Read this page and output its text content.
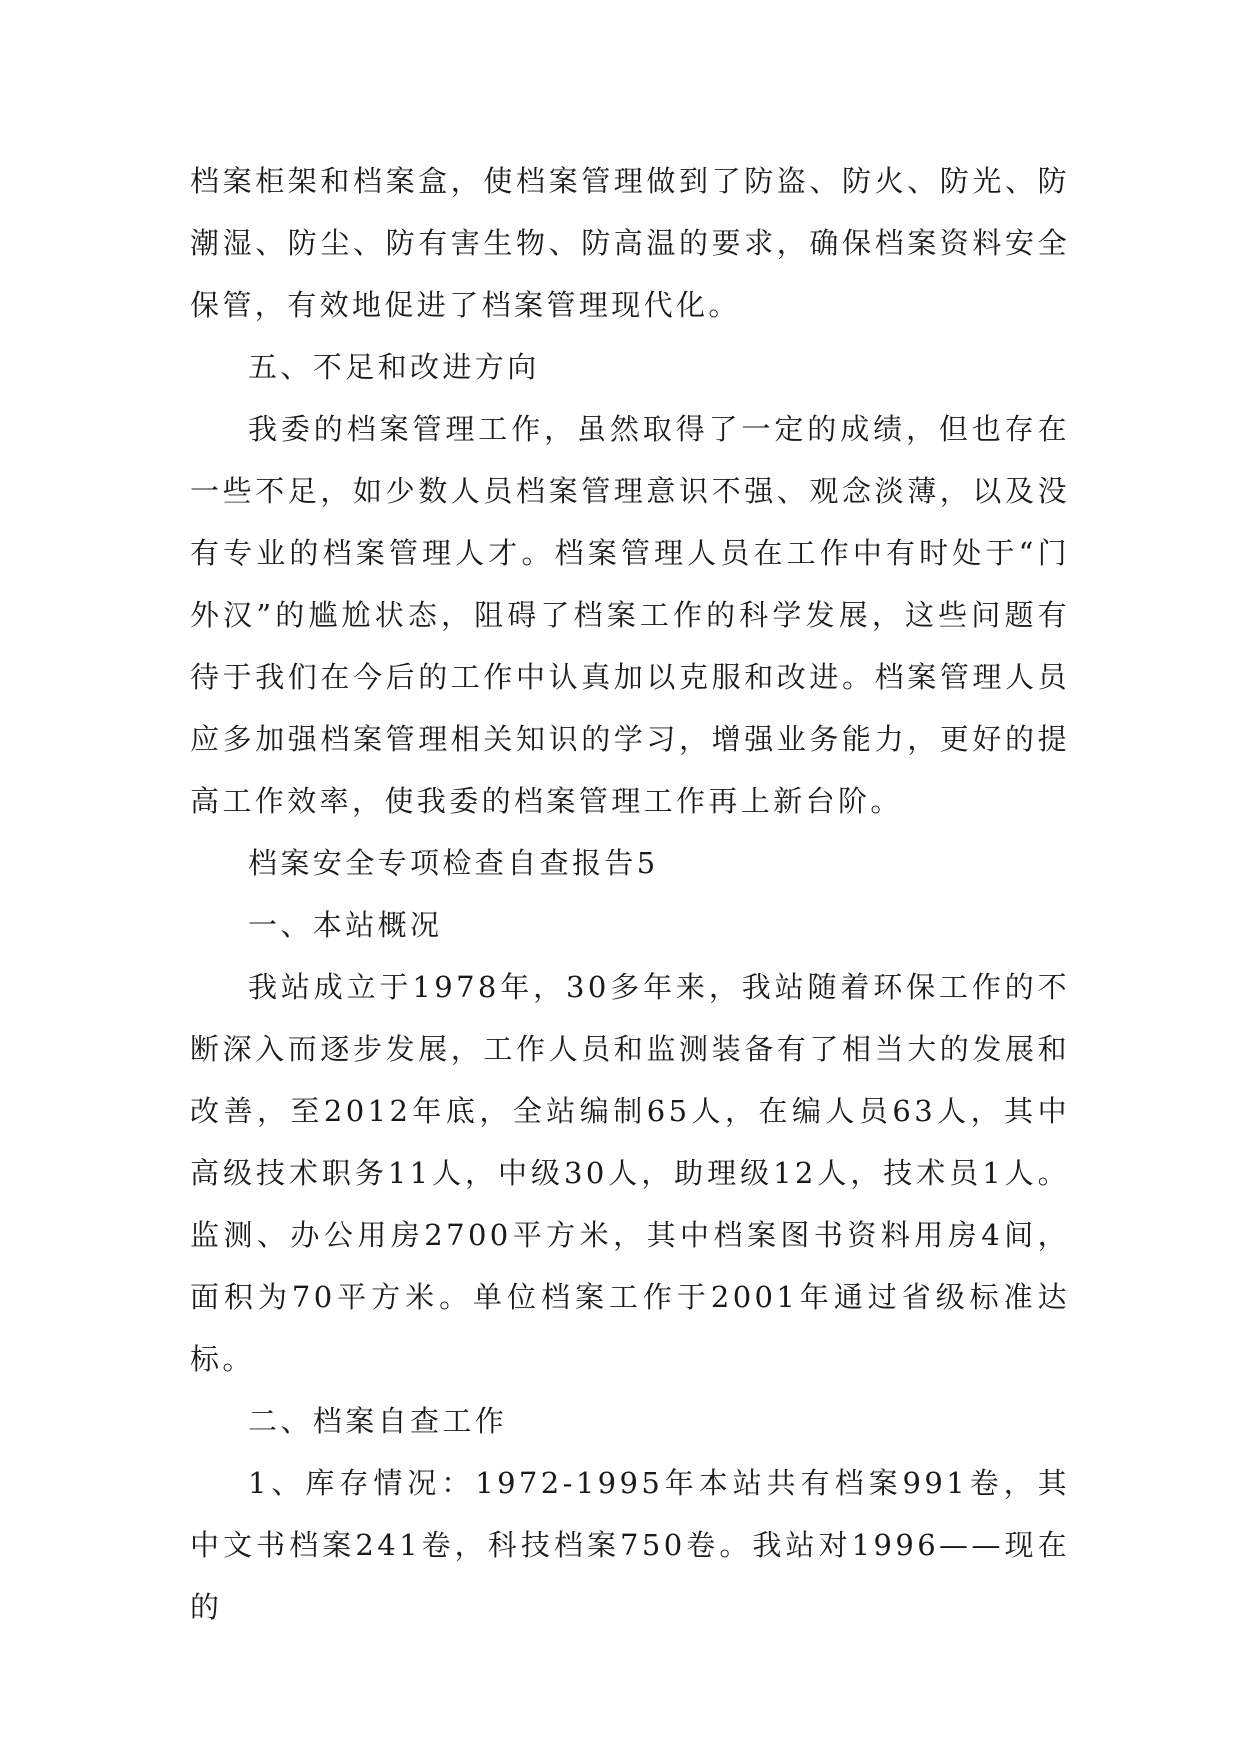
档案柜架和档案盒，使档案管理做到了防盗、防火、防光、防潮湿、防尘、防有害生物、防高温的要求，确保档案资料安全保管，有效地促进了档案管理现代化。

五、不足和改进方向

我委的档案管理工作，虽然取得了一定的成绩，但也存在一些不足，如少数人员档案管理意识不强、观念淡薄，以及没有专业的档案管理人才。档案管理人员在工作中有时处于“门外汉”的尴尬状态，阻碍了档案工作的科学发展，这些问题有待于我们在今后的工作中认真加以克服和改进。档案管理人员应多加强档案管理相关知识的学习，增强业务能力，更好的提高工作效率，使我委的档案管理工作再上新台阶。

档案安全专项检查自查报告5

一、本站概况

我站成立于1978年，30多年来，我站随着环保工作的不断深入而逐步发展，工作人员和监测装备有了相当大的发展和改善，至2012年底，全站编制65人，在编人员63人，其中高级技术职务11人，中级30人，助理级12人，技术员1人。监测、办公用房2700平方米，其中档案图书资料用房4间，面积为70平方米。单位档案工作于2001年通过省级标准达标。

二、档案自查工作

1、库存情况：1972-1995年本站共有档案991卷，其中文书档案241卷，科技档案750卷。我站对1996——现在的
